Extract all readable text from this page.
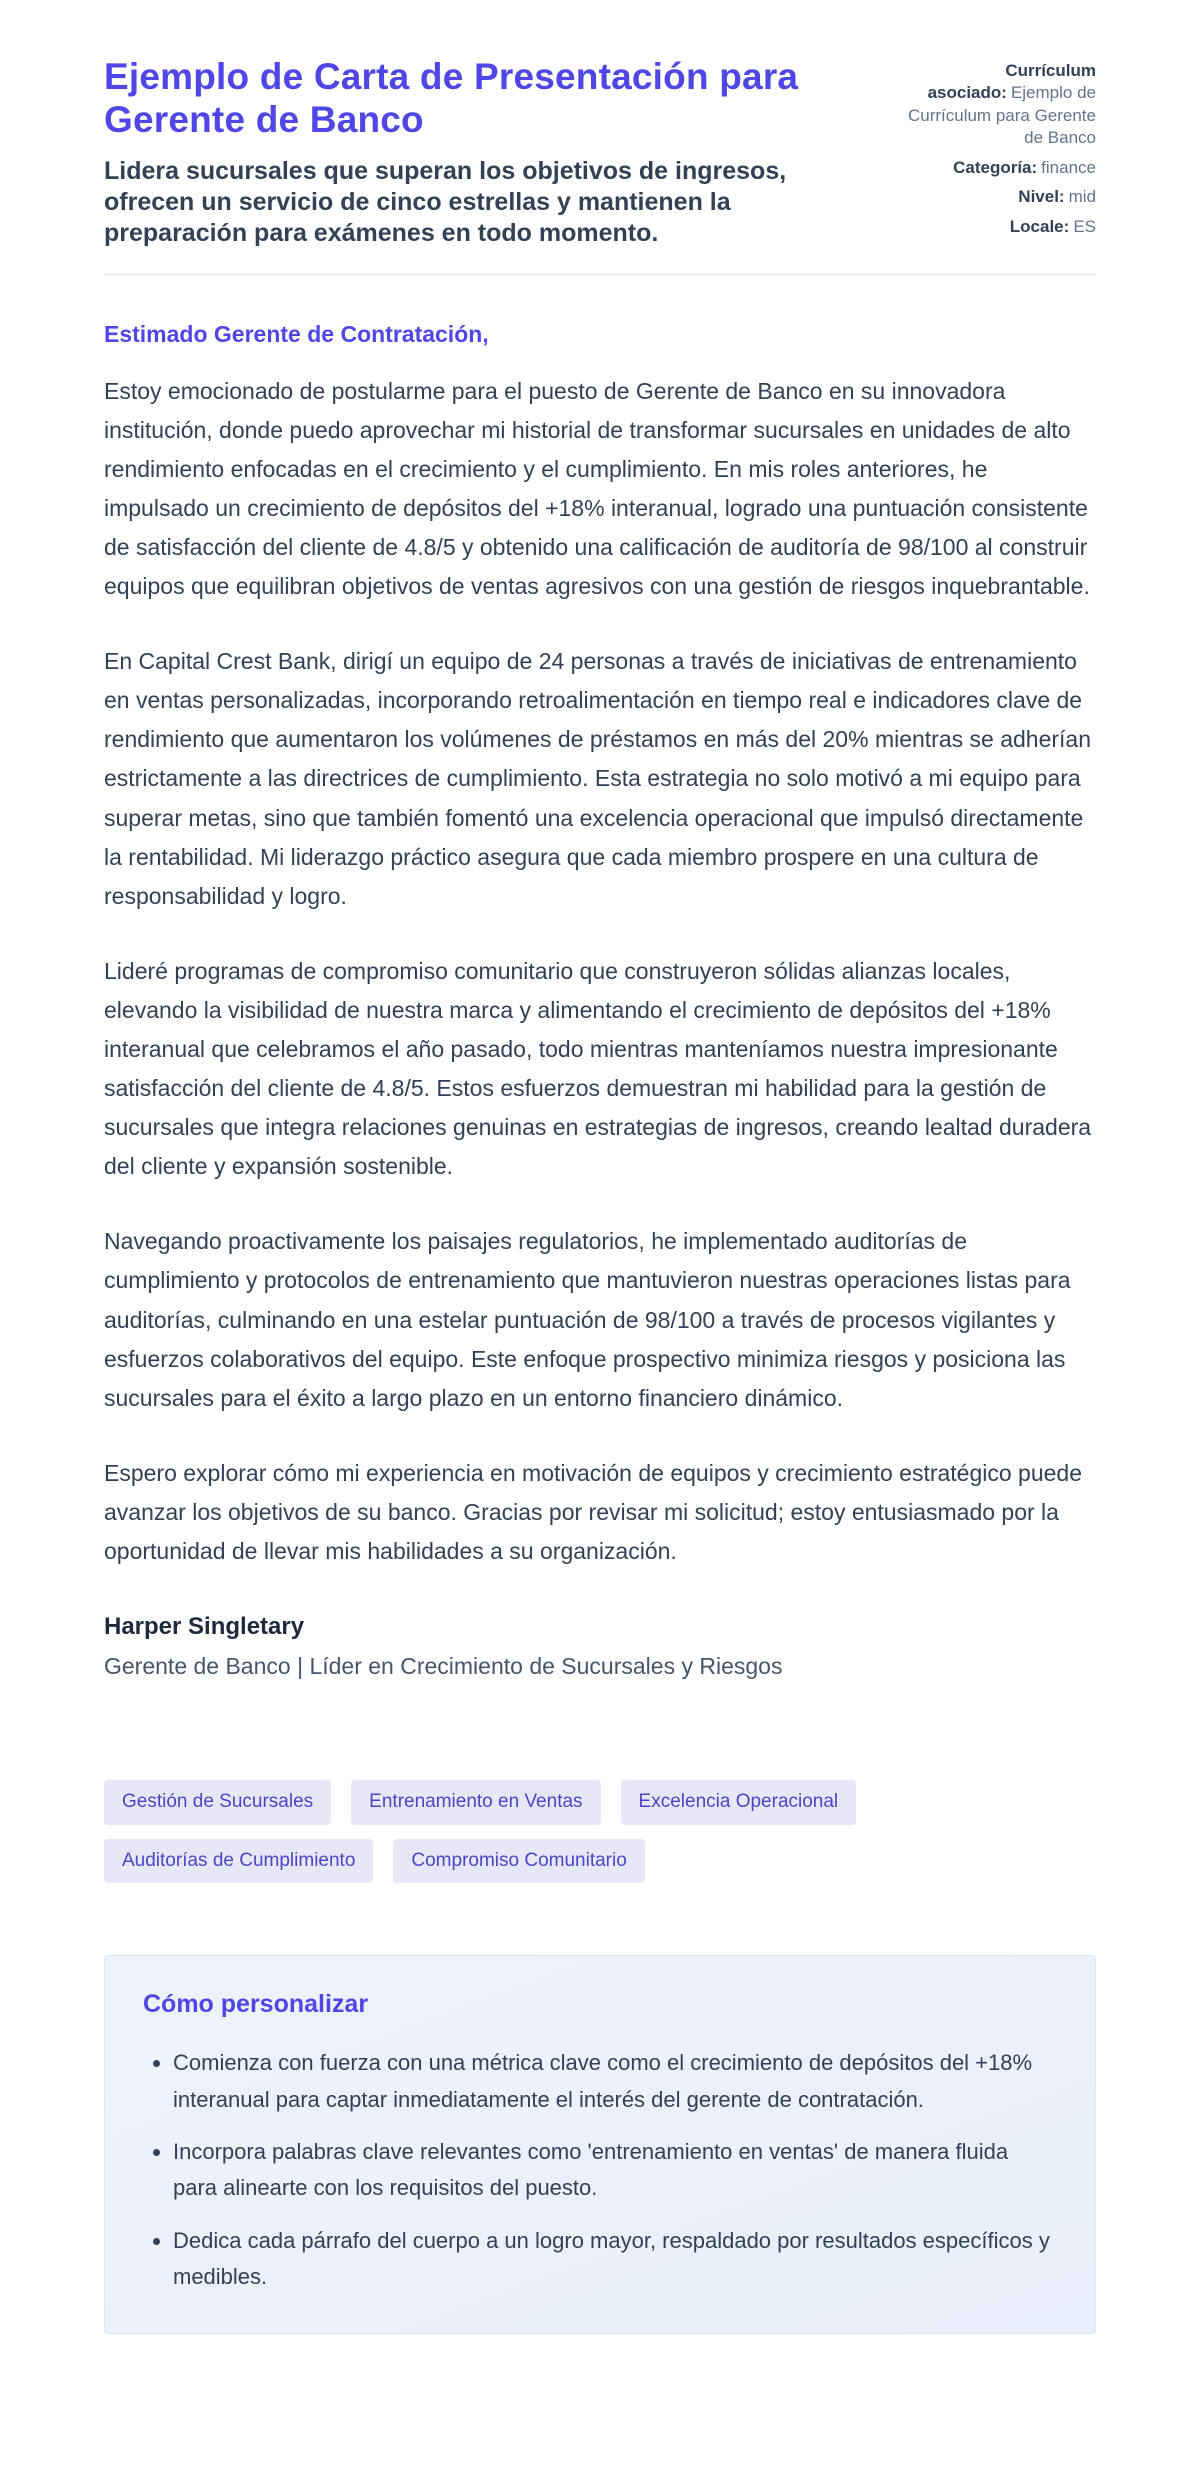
Ejemplo de Carta de Presentación para Gerente de Banco

Lidera sucursales que superan los objetivos de ingresos, ofrecen un servicio de cinco estrellas y mantienen la preparación para exámenes en todo momento.

Currículum asociado: Ejemplo de Currículum para Gerente de Banco
Categoría: finance
Nivel: mid
Locale: ES

Estimado Gerente de Contratación,

Estoy emocionado de postularme para el puesto de Gerente de Banco en su innovadora institución, donde puedo aprovechar mi historial de transformar sucursales en unidades de alto rendimiento enfocadas en el crecimiento y el cumplimiento. En mis roles anteriores, he impulsado un crecimiento de depósitos del +18% interanual, logrado una puntuación consistente de satisfacción del cliente de 4.8/5 y obtenido una calificación de auditoría de 98/100 al construir equipos que equilibran objetivos de ventas agresivos con una gestión de riesgos inquebrantable.

En Capital Crest Bank, dirigí un equipo de 24 personas a través de iniciativas de entrenamiento en ventas personalizadas, incorporando retroalimentación en tiempo real e indicadores clave de rendimiento que aumentaron los volúmenes de préstamos en más del 20% mientras se adherían estrictamente a las directrices de cumplimiento. Esta estrategia no solo motivó a mi equipo para superar metas, sino que también fomentó una excelencia operacional que impulsó directamente la rentabilidad. Mi liderazgo práctico asegura que cada miembro prospere en una cultura de responsabilidad y logro.

Lideré programas de compromiso comunitario que construyeron sólidas alianzas locales, elevando la visibilidad de nuestra marca y alimentando el crecimiento de depósitos del +18% interanual que celebramos el año pasado, todo mientras manteníamos nuestra impresionante satisfacción del cliente de 4.8/5. Estos esfuerzos demuestran mi habilidad para la gestión de sucursales que integra relaciones genuinas en estrategias de ingresos, creando lealtad duradera del cliente y expansión sostenible.

Navegando proactivamente los paisajes regulatorios, he implementado auditorías de cumplimiento y protocolos de entrenamiento que mantuvieron nuestras operaciones listas para auditorías, culminando en una estelar puntuación de 98/100 a través de procesos vigilantes y esfuerzos colaborativos del equipo. Este enfoque prospectivo minimiza riesgos y posiciona las sucursales para el éxito a largo plazo en un entorno financiero dinámico.

Espero explorar cómo mi experiencia en motivación de equipos y crecimiento estratégico puede avanzar los objetivos de su banco. Gracias por revisar mi solicitud; estoy entusiasmado por la oportunidad de llevar mis habilidades a su organización.

Harper Singletary

Gerente de Banco | Líder en Crecimiento de Sucursales y Riesgos

Gestión de Sucursales	Entrenamiento en Ventas	Excelencia Operacional
Auditorías de Cumplimiento	Compromiso Comunitario
Cómo personalizar
• Comienza con fuerza con una métrica clave como el crecimiento de depósitos del +18% interanual para captar inmediatamente el interés del gerente de contratación.
• Incorpora palabras clave relevantes como 'entrenamiento en ventas' de manera fluida para alinearte con los requisitos del puesto.
• Dedica cada párrafo del cuerpo a un logro mayor, respaldado por resultados específicos y medibles.
